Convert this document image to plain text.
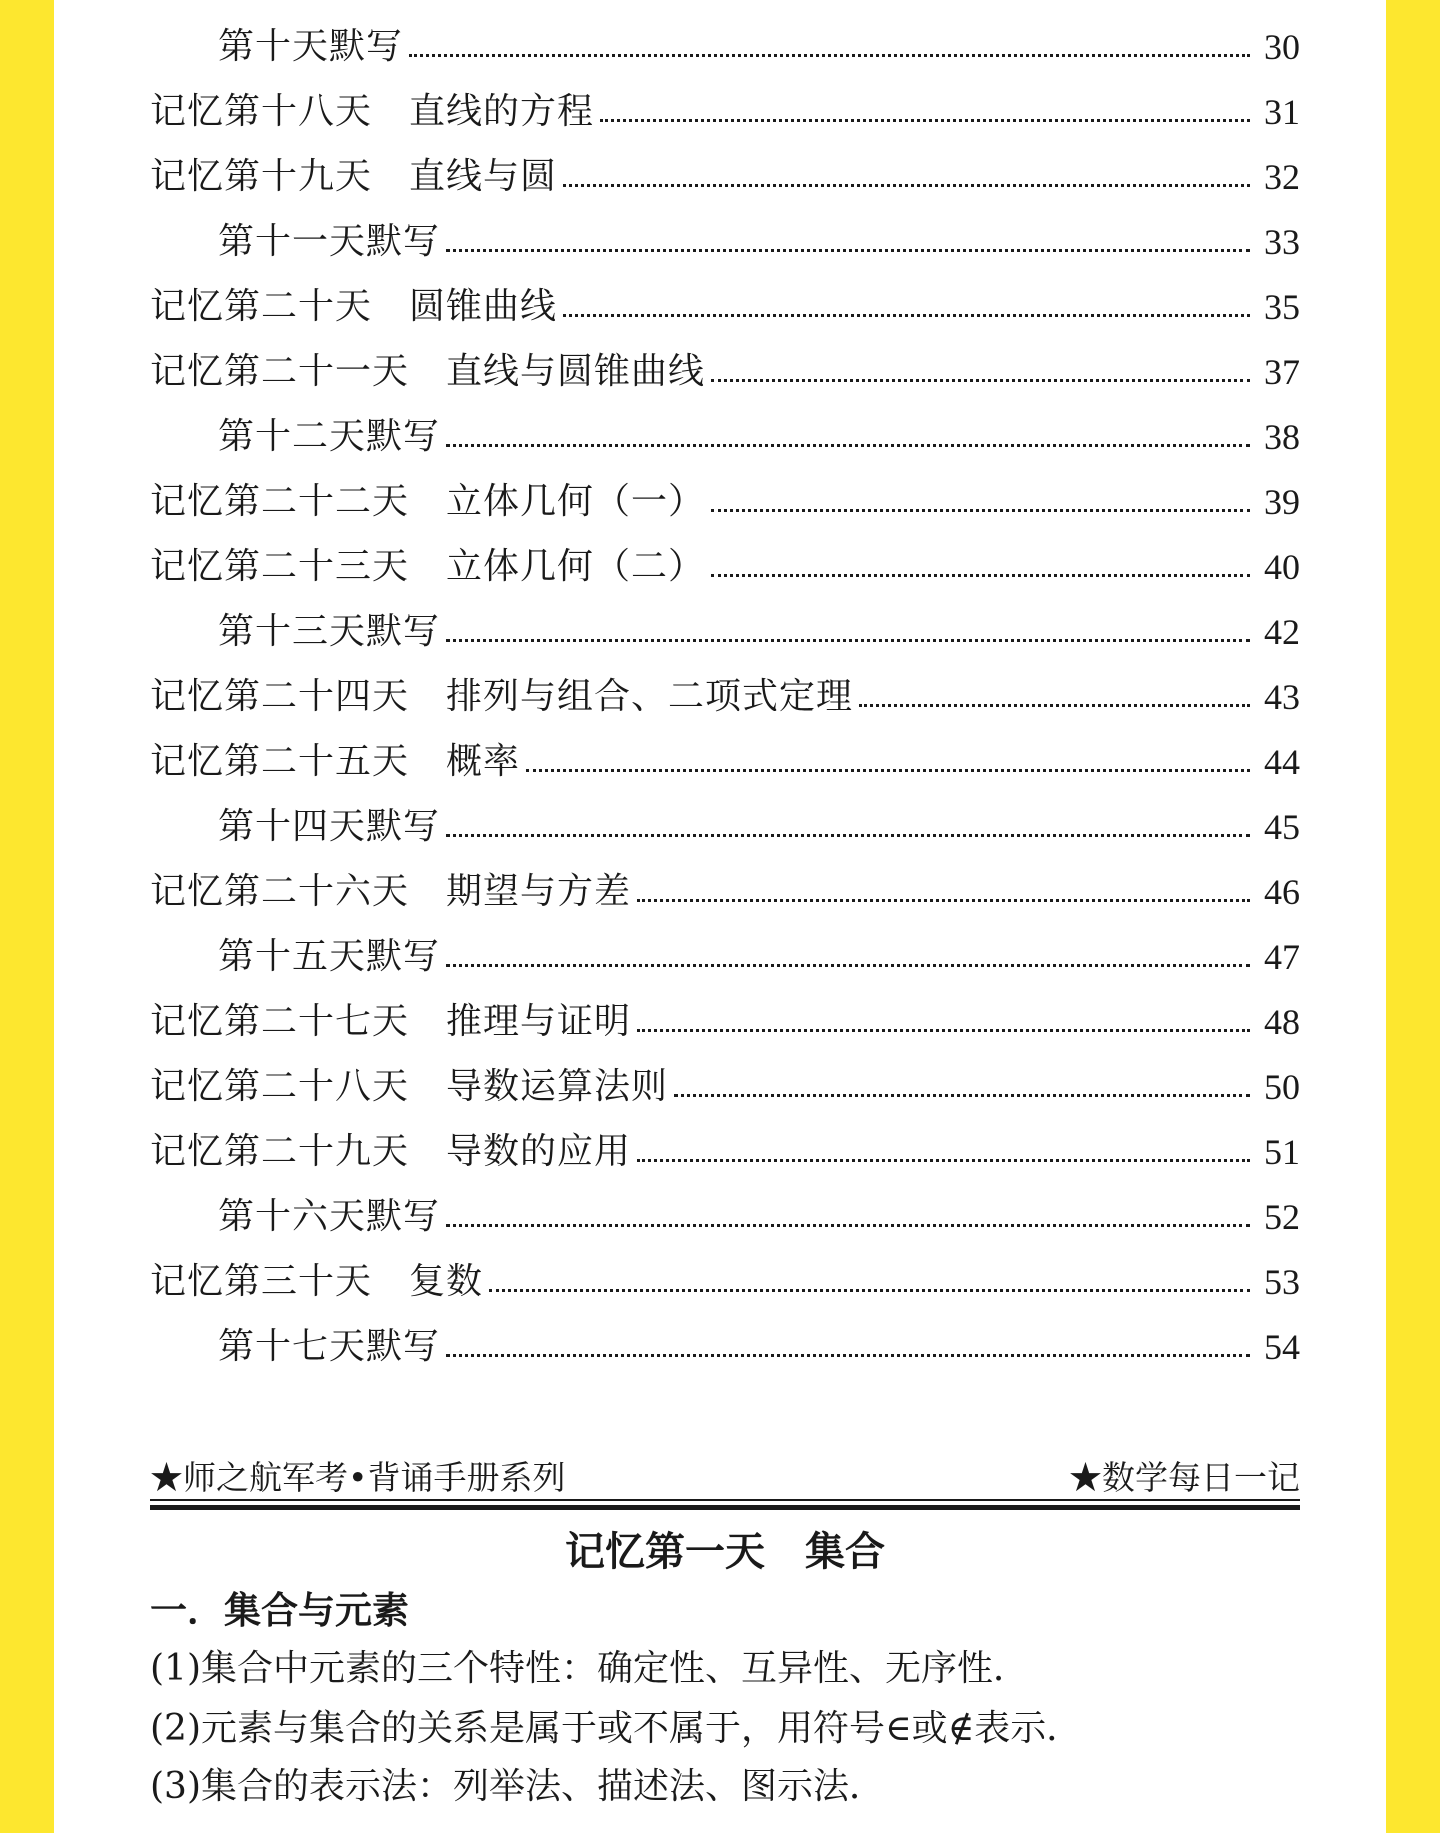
第十天默写	30
记忆第十八天　直线的方程	31
记忆第十九天　直线与圆	32
第十一天默写	33
记忆第二十天　圆锥曲线	35
记忆第二十一天　直线与圆锥曲线	37
第十二天默写	38
记忆第二十二天　立体几何（一）	39
记忆第二十三天　立体几何（二）	40
第十三天默写	42
记忆第二十四天　排列与组合、二项式定理	43
记忆第二十五天　概率	44
第十四天默写	45
记忆第二十六天　期望与方差	46
第十五天默写	47
记忆第二十七天　推理与证明	48
记忆第二十八天　导数运算法则	50
记忆第二十九天　导数的应用	51
第十六天默写	52
记忆第三十天　复数	53
第十七天默写	54
★师之航军考•背诵手册系列	★数学每日一记
记忆第一天　集合
一．集合与元素
(1)集合中元素的三个特性：确定性、互异性、无序性．
(2)元素与集合的关系是属于或不属于，用符号∈或∉表示．
(3)集合的表示法：列举法、描述法、图示法．
